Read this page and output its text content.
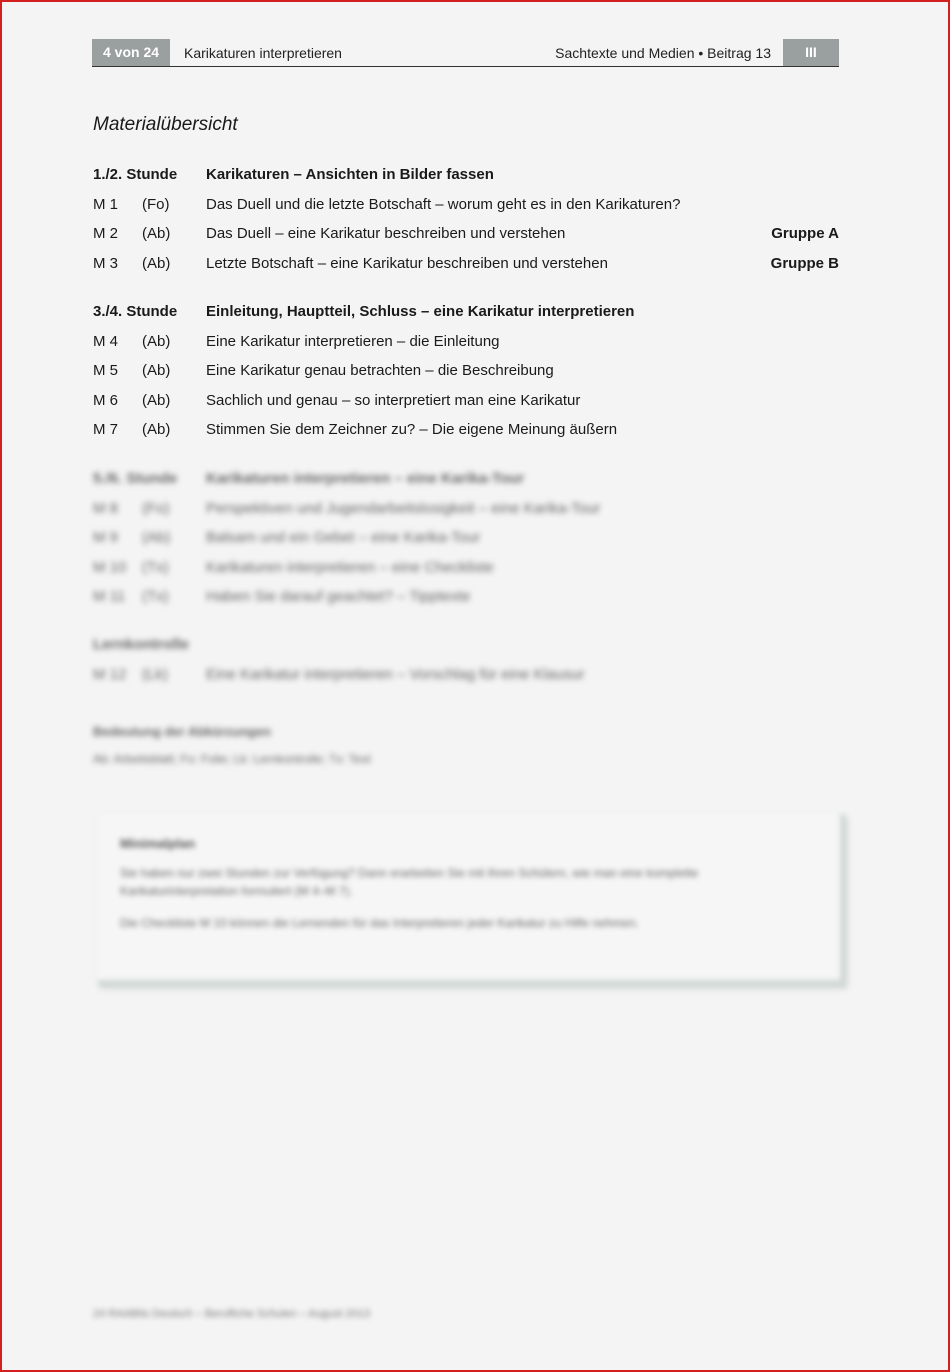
4 von 24	Karikaturen interpretieren	Sachtexte und Medien • Beitrag 13	III
Materialübersicht
1./2. Stunde Karikaturen – Ansichten in Bilder fassen
M 1 (Fo) Das Duell und die letzte Botschaft – worum geht es in den Karikaturen?
M 2 (Ab) Das Duell – eine Karikatur beschreiben und verstehen	Gruppe A
M 3 (Ab) Letzte Botschaft – eine Karikatur beschreiben und verstehen	Gruppe B
3./4. Stunde Einleitung, Hauptteil, Schluss – eine Karikatur interpretieren
M 4 (Ab) Eine Karikatur interpretieren – die Einleitung
M 5 (Ab) Eine Karikatur genau betrachten – die Beschreibung
M 6 (Ab) Sachlich und genau – so interpretiert man eine Karikatur
M 7 (Ab) Stimmen Sie dem Zeichner zu? – Die eigene Meinung äußern
5./6. Stunde Karikaturen interpretieren – eine Karika-Tour
M 8 (Fo) Perspektiven und Jugendarbeitslosigkeit – eine Karika-Tour
M 9 (Ab) Balsam und ein Gebet – eine Karika-Tour
M 10 (Tx) Karikaturen interpretieren – eine Checkliste
M 11 (Tx) Haben Sie darauf geachtet? – Tipptexte
Lernkontrolle
M 12 (Lk)	Eine Karikatur interpretieren – Vorschlag für eine Klausur
Bedeutung der Abkürzungen
Ab: Arbeitsblatt; Fo: Folie; Lk: Lernkontrolle; Tx: Text
Minimalplan
Sie haben nur zwei Stunden zur Verfügung? Dann erarbeiten Sie mit Ihren Schülern, wie man eine komplette Karikaturinterpretation formuliert (M 4–M 7).
Die Checkliste M 10 können die Lernenden für das Interpretieren jeder Karikatur zu Hilfe nehmen.
24 RAABits Deutsch – Berufliche Schulen – August 2013
